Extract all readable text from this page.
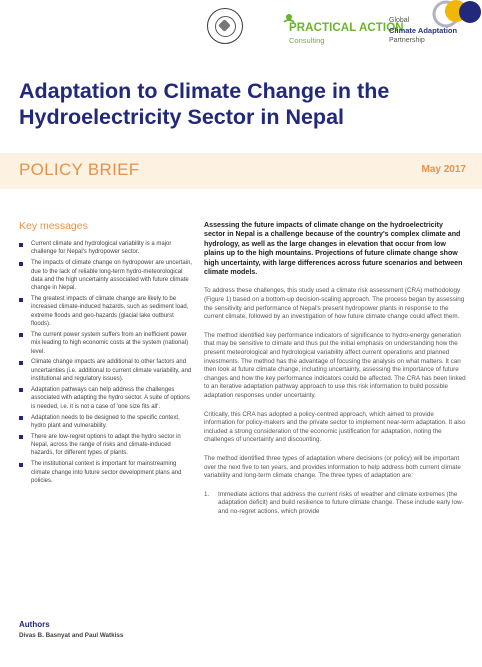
PRACTICAL ACTION
Consulting
Global
Climate Adaptation
Partnership
Adaptation to Climate Change in the Hydroelectricity Sector in Nepal
POLICY BRIEF	May 2017
Key messages
Current climate and hydrological variability is a major challenge for Nepal's hydropower sector.
The impacts of climate change on hydropower are uncertain, due to the lack of reliable long-term hydro-meteorological data and the high uncertainty associated with future climate change in Nepal.
The greatest impacts of climate change are likely to be increased climate-induced hazards, such as sediment load, extreme floods and geo-hazards (glacial lake outburst floods).
The current power system suffers from an inefficient power mix leading to high economic costs at the system (national) level.
Climate change impacts are additional to other factors and uncertainties (i.e. additional to current climate variability, and institutional and regulatory issues).
Adaptation pathways can help address the challenges associated with adapting the hydro sector. A suite of options is needed, i.e. it is not a case of 'one size fits all'.
Adaptation needs to be designed to the specific context, hydro plant and vulnerability.
There are low-regret options to adapt the hydro sector in Nepal, across the range of risks and climate-induced hazards, for different types of plants.
The institutional context is important for mainstreaming climate change into future sector development plans and policies.
Authors
Divas B. Basnyat and Paul Watkiss

Assessing the future impacts of climate change on the hydroelectricity sector in Nepal is a challenge because of the country's complex climate and hydrology, as well as the large changes in elevation that occur from low plains up to the high mountains. Projections of future climate change show high uncertainty, with large differences across future scenarios and between climate models.

To address these challenges, this study used a climate risk assessment (CRA) methodology (Figure 1) based on a bottom-up decision-scaling approach. The process began by assessing the sensitivity and performance of Nepal's present hydropower plants in response to the current climate, followed by an investigation of how future climate change could affect them.

The method identified key performance indicators of significance to hydro-energy generation that may be sensitive to climate and thus put the initial emphasis on understanding how the present meteorological and hydrological variability affect current operations and planned investments. The method has the advantage of focusing the analysis on what matters. It can then look at future climate change, including uncertainty, assessing the importance of future changes and how the key performance indicators could be affected. The CRA has been linked to an iterative adaptation pathway approach to use this risk information to build possible adaptation responses under uncertainty.

Critically, this CRA has adopted a policy-centred approach, which aimed to provide information for policy-makers and the private sector to implement near-term adaptation. It also included a strong consideration of the economic justification for adaptation, noting the challenges of uncertainty and discounting.

The method identified three types of adaptation where decisions (or policy) will be important over the next five to ten years, and provides information to help address both current climate variability and long-term climate change. The three types of adaptation are:

1. Immediate actions that address the current risks of weather and climate extremes (the adaptation deficit) and build resilience to future climate change. These include early low- and no-regret actions, which provide
